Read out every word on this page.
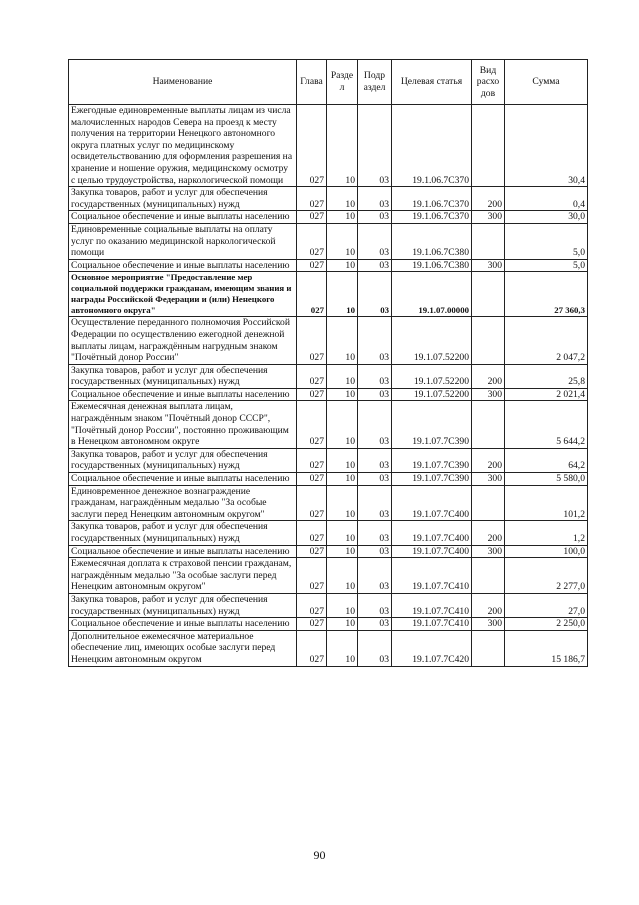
Наименование	Глава	Разде л	Подр аздел	Целевая статья	Вид расхо дов	Сумма
Ежегодные единовременные выплаты лицам из числа малочисленных народов Севера на проезд к месту получения на территории Ненецкого автономного округа платных услуг по медицинскому освидетельствованию для оформления разрешения на хранение и ношение оружия, медицинскому осмотру с целью трудоустройства, наркологической помощи	027	10	03	19.1.06.7С370		30,4
Закупка товаров, работ и услуг для обеспечения государственных (муниципальных) нужд	027	10	03	19.1.06.7С370	200	0,4
Социальное обеспечение и иные выплаты населению	027	10	03	19.1.06.7С370	300	30,0
Единовременные социальные выплаты на оплату услуг по оказанию медицинской наркологической помощи	027	10	03	19.1.06.7С380		5,0
Социальное обеспечение и иные выплаты населению	027	10	03	19.1.06.7С380	300	5,0
Основное мероприятие "Предоставление мер социальной поддержки гражданам, имеющим звания и награды Российской Федерации и (или) Ненецкого автономного округа"	027	10	03	19.1.07.00000		27 360,3
Осуществление переданного полномочия Российской Федерации по осуществлению ежегодной денежной выплаты лицам, награждённым нагрудным знаком "Почётный донор России"	027	10	03	19.1.07.52200		2 047,2
Закупка товаров, работ и услуг для обеспечения государственных (муниципальных) нужд	027	10	03	19.1.07.52200	200	25,8
Социальное обеспечение и иные выплаты населению	027	10	03	19.1.07.52200	300	2 021,4
Ежемесячная денежная выплата лицам, награждённым знаком "Почётный донор СССР", "Почётный донор России", постоянно проживающим в Ненецком автономном округе	027	10	03	19.1.07.7С390		5 644,2
Закупка товаров, работ и услуг для обеспечения государственных (муниципальных) нужд	027	10	03	19.1.07.7С390	200	64,2
Социальное обеспечение и иные выплаты населению	027	10	03	19.1.07.7С390	300	5 580,0
Единовременное денежное вознаграждение гражданам, награждённым медалью "За особые заслуги перед Ненецким автономным округом"	027	10	03	19.1.07.7С400		101,2
Закупка товаров, работ и услуг для обеспечения государственных (муниципальных) нужд	027	10	03	19.1.07.7С400	200	1,2
Социальное обеспечение и иные выплаты населению	027	10	03	19.1.07.7С400	300	100,0
Ежемесячная доплата к страховой пенсии гражданам, награждённым медалью "За особые заслуги перед Ненецким автономным округом"	027	10	03	19.1.07.7С410		2 277,0
Закупка товаров, работ и услуг для обеспечения государственных (муниципальных) нужд	027	10	03	19.1.07.7С410	200	27,0
Социальное обеспечение и иные выплаты населению	027	10	03	19.1.07.7С410	300	2 250,0
Дополнительное ежемесячное материальное обеспечение лиц, имеющих особые заслуги перед Ненецким автономным округом	027	10	03	19.1.07.7С420		15 186,7
90
